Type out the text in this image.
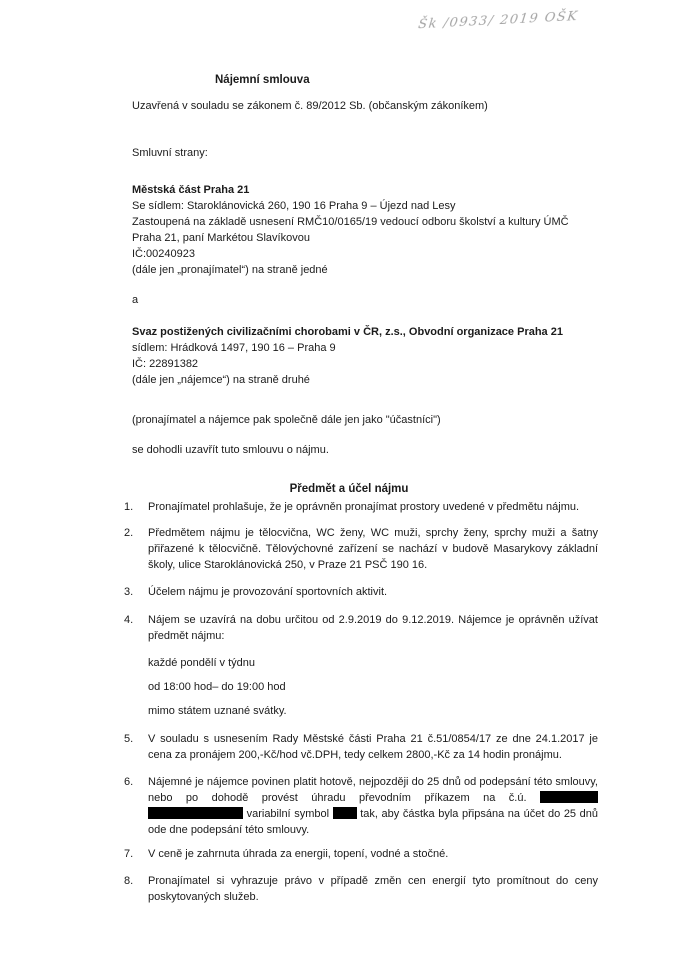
Šk /0933/ 2019 OŠK

Nájemní smlouva

Uzavřená v souladu se zákonem č. 89/2012 Sb. (občanským zákoníkem)

Smluvní strany:

Městská část Praha 21

Se sídlem: Staroklánovická 260, 190 16 Praha 9 – Újezd nad Lesy

Zastoupená na základě usnesení RMČ10/0165/19 vedoucí odboru školství a kultury ÚMČ Praha 21, paní Markétou Slavíkovou

IČ:00240923

(dále jen „pronajímatel“) na straně jedné

a

Svaz postižených civilizačními chorobami v ČR, z.s., Obvodní organizace Praha 21

sídlem: Hrádková 1497, 190 16 – Praha 9

IČ: 22891382

(dále jen „nájemce“) na straně druhé

(pronajímatel a nájemce pak společně dále jen jako "účastníci")

se dohodli uzavřít tuto smlouvu o nájmu.

Předmět a účel nájmu

1.	Pronajímatel prohlašuje, že je oprávněn pronajímat prostory uvedené v předmětu nájmu.
2.	Předmětem nájmu je tělocvična, WC ženy, WC muži, sprchy ženy, sprchy muži a šatny přiřazené k tělocvičně. Tělovýchovné zařízení se nachází v budově Masarykovy základní školy, ulice Staroklánovická 250, v Praze 21 PSČ 190 16.
3.	Účelem nájmu je provozování sportovních aktivit.
4.	Nájem se uzavírá na dobu určitou od 2.9.2019 do 9.12.2019. Nájemce je oprávněn užívat předmět nájmu:
každé pondělí v týdnu
od 18:00 hod– do 19:00 hod
mimo státem uznané svátky.
5.	V souladu s usnesením Rady Městské části Praha 21 č.51/0854/17 ze dne 24.1.2017 je cena za pronájem 200,-Kč/hod vč.DPH, tedy celkem 2800,-Kč za 14 hodin pronájmu.
6.	Nájemné je nájemce povinen platit hotově, nejpozději do 25 dnů od podepsání této smlouvy, nebo po dohodě provést úhradu převodním příkazem na č.ú.   variabilní symbol	tak, aby částka byla připsána na účet do 25 dnů ode dne podepsání této smlouvy.
7.	V ceně je zahrnuta úhrada za energii, topení, vodné a stočné.
8.	Pronajímatel si vyhrazuje právo v případě změn cen energií tyto promítnout do ceny poskytovaných služeb.
